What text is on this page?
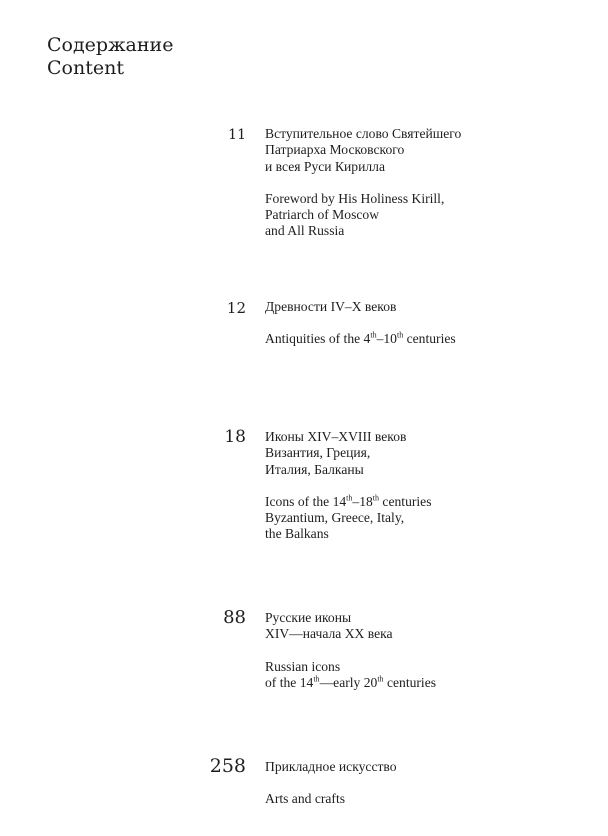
Содержание
Content
11 Вступительное слово Святейшего
Патриарха Московского
и всея Руси Кирилла
Foreword by His Holiness Kirill,
Patriarch of Moscow
and All Russia
12 Древности IV–X веков
Antiquities of the 4th–10th centuries
18 Иконы XIV–XVIII веков
Византия, Греция,
Италия, Балканы
Icons of the 14th–18th centuries
Byzantium, Greece, Italy,
the Balkans
88 Русские иконы
XIV—начала XX века
Russian icons
of the 14th—early 20th centuries
258 Прикладное искусство
Arts and crafts
